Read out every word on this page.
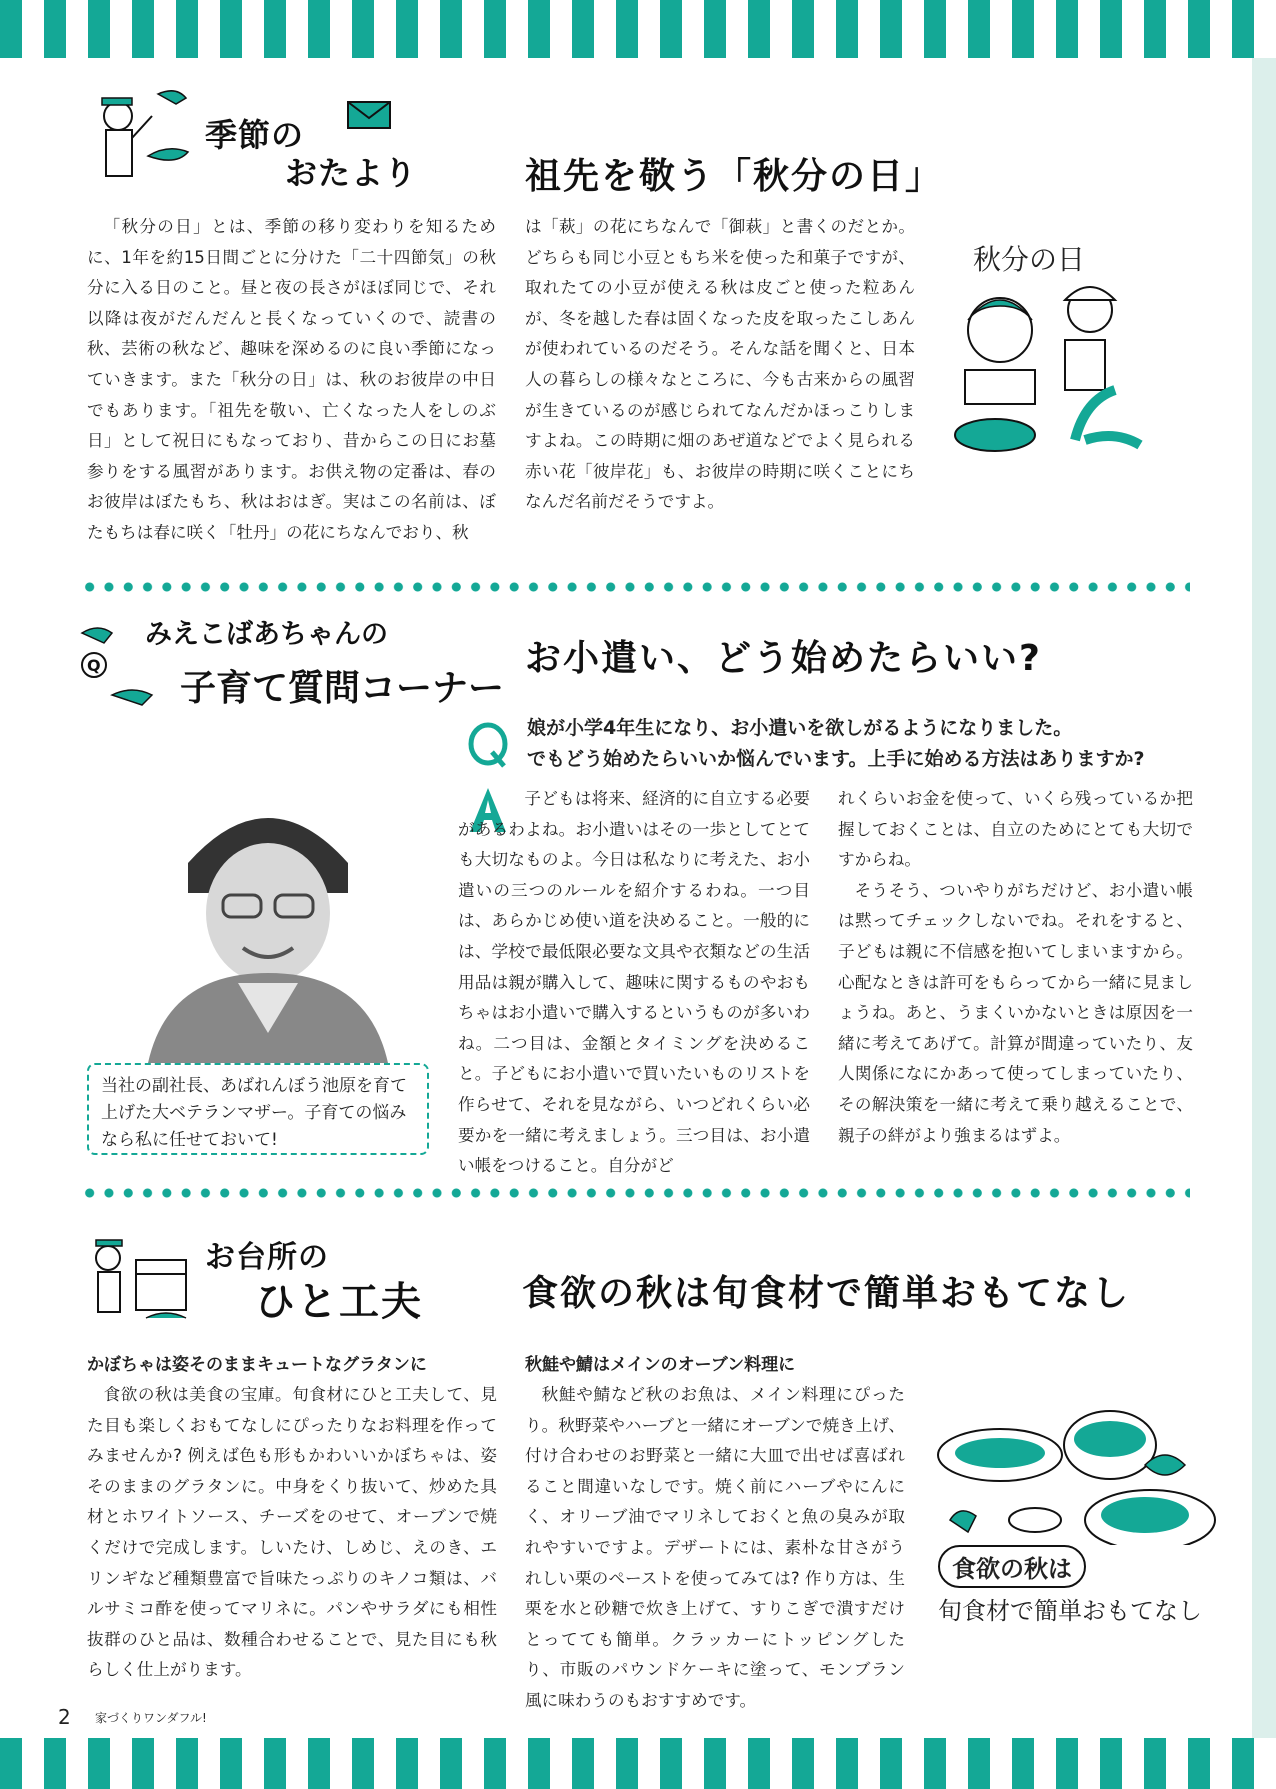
季節の
おたより	祖先を敬う「秋分の日」

「秋分の日」とは、季節の移り変わりを知るために、1年を約15日間ごとに分けた「二十四節気」の秋分に入る日のこと。昼と夜の長さがほぼ同じで、それ以降は夜がだんだんと長くなっていくので、読書の秋、芸術の秋など、趣味を深めるのに良い季節になっていきます。また「秋分の日」は、秋のお彼岸の中日でもあります。「祖先を敬い、亡くなった人をしのぶ日」として祝日にもなっており、昔からこの日にお墓参りをする風習があります。お供え物の定番は、春のお彼岸はぼたもち、秋はおはぎ。実はこの名前は、ぼたもちは春に咲く「牡丹」の花にちなんでおり、秋

は「萩」の花にちなんで「御萩」と書くのだとか。どちらも同じ小豆ともち米を使った和菓子ですが、取れたての小豆が使える秋は皮ごと使った粒あんが、冬を越した春は固くなった皮を取ったこしあんが使われているのだそう。そんな話を聞くと、日本人の暮らしの様々なところに、今も古来からの風習が生きているのが感じられてなんだかほっこりしますよね。この時期に畑のあぜ道などでよく見られる赤い花「彼岸花」も、お彼岸の時期に咲くことにちなんだ名前だそうですよ。

秋分の日
Q
みえこばあちゃんの
子育て質問コーナー
お小遣い、どう始めたらいい?
娘が小学4年生になり、お小遣いを欲しがるようになりました。
でもどう始めたらいいか悩んでいます。上手に始める方法はありますか?

子どもは将来、経済的に自立する必要があるわよね。お小遣いはその一歩としてとても大切なものよ。今日は私なりに考えた、お小遣いの三つのルールを紹介するわね。一つ目は、あらかじめ使い道を決めること。一般的には、学校で最低限必要な文具や衣類などの生活用品は親が購入して、趣味に関するものやおもちゃはお小遣いで購入するというものが多いわね。二つ目は、金額とタイミングを決めること。子どもにお小遣いで買いたいものリストを作らせて、それを見ながら、いつどれくらい必要かを一緒に考えましょう。三つ目は、お小遣い帳をつけること。自分がど

れくらいお金を使って、いくら残っているか把握しておくことは、自立のためにとても大切ですからね。

そうそう、ついやりがちだけど、お小遣い帳は黙ってチェックしないでね。それをすると、子どもは親に不信感を抱いてしまいますから。心配なときは許可をもらってから一緒に見ましょうね。あと、うまくいかないときは原因を一緒に考えてあげて。計算が間違っていたり、友人関係になにかあって使ってしまっていたり、その解決策を一緒に考えて乗り越えることで、親子の絆がより強まるはずよ。

当社の副社長、あばれんぼう池原を育て上げた大ベテランマザー。子育ての悩みなら私に任せておいて!
お台所の
ひと工夫	食欲の秋は旬食材で簡単おもてなし

かぼちゃは姿そのままキュートなグラタンに

食欲の秋は美食の宝庫。旬食材にひと工夫して、見た目も楽しくおもてなしにぴったりなお料理を作ってみませんか? 例えば色も形もかわいいかぼちゃは、姿そのままのグラタンに。中身をくり抜いて、炒めた具材とホワイトソース、チーズをのせて、オーブンで焼くだけで完成します。しいたけ、しめじ、えのき、エリンギなど種類豊富で旨味たっぷりのキノコ類は、バルサミコ酢を使ってマリネに。パンやサラダにも相性抜群のひと品は、数種合わせることで、見た目にも秋らしく仕上がります。

秋鮭や鯖はメインのオーブン料理に

秋鮭や鯖など秋のお魚は、メイン料理にぴったり。秋野菜やハーブと一緒にオーブンで焼き上げ、付け合わせのお野菜と一緒に大皿で出せば喜ばれること間違いなしです。焼く前にハーブやにんにく、オリーブ油でマリネしておくと魚の臭みが取れやすいですよ。デザートには、素朴な甘さがうれしい栗のペーストを使ってみては? 作り方は、生栗を水と砂糖で炊き上げて、すりこぎで潰すだけとってても簡単。クラッカーにトッピングしたり、市販のパウンドケーキに塗って、モンブラン風に味わうのもおすすめです。

食欲の秋は
旬食材で簡単おもてなし
2 家づくりワンダフル!
